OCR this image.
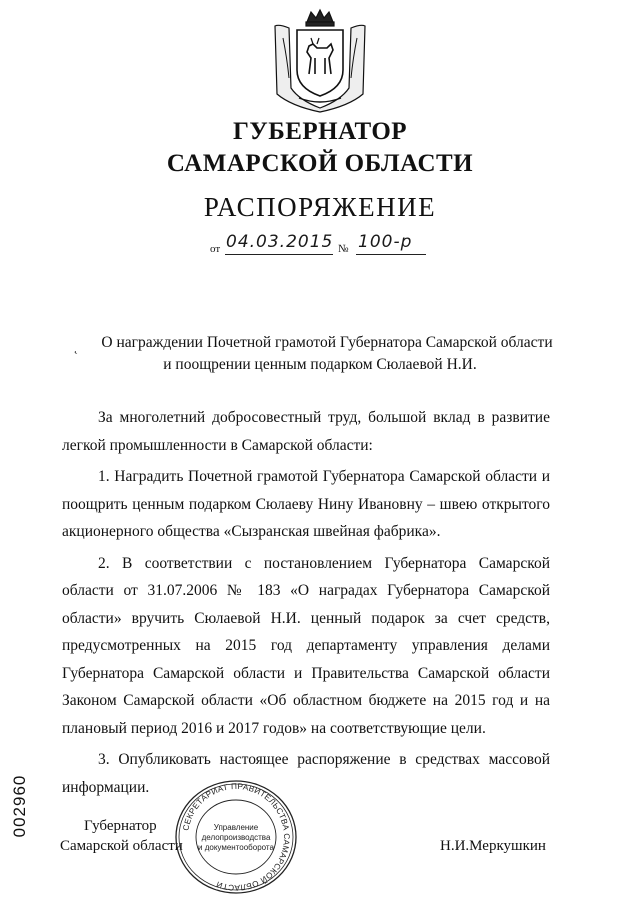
ГУБЕРНАТОР
САМАРСКОЙ ОБЛАСТИ
РАСПОРЯЖЕНИЕ
от 04.03.2015 № 100-р
˛	О награждении Почетной грамотой Губернатора Самарской области
и поощрении ценным подарком Сюлаевой Н.И.

За многолетний добросовестный труд, большой вклад в развитие легкой промышленности в Самарской области:

1. Наградить Почетной грамотой Губернатора Самарской области и поощрить ценным подарком Сюлаеву Нину Ивановну – швею открытого акционерного общества «Сызранская швейная фабрика».

2. В соответствии с постановлением Губернатора Самарской области от 31.07.2006 № 183 «О наградах Губернатора Самарской области» вручить Сюлаевой Н.И. ценный подарок за счет средств, предусмотренных на 2015 год департаменту управления делами Губернатора Самарской области и Правительства Самарской области Законом Самарской области «Об областном бюджете на 2015 год и на плановый период 2016 и 2017 годов» на соответствующие цели.

3. Опубликовать настоящее распоряжение в средствах массовой информации.

002960	Губернатор
Самарской области	Н.И.Меркушкин
СЕКРЕТАРИАТ ПРАВИТЕЛЬСТВА САМАРСКОЙ ОБЛАСТИ
Управление
делопроизводства
и документооборота
